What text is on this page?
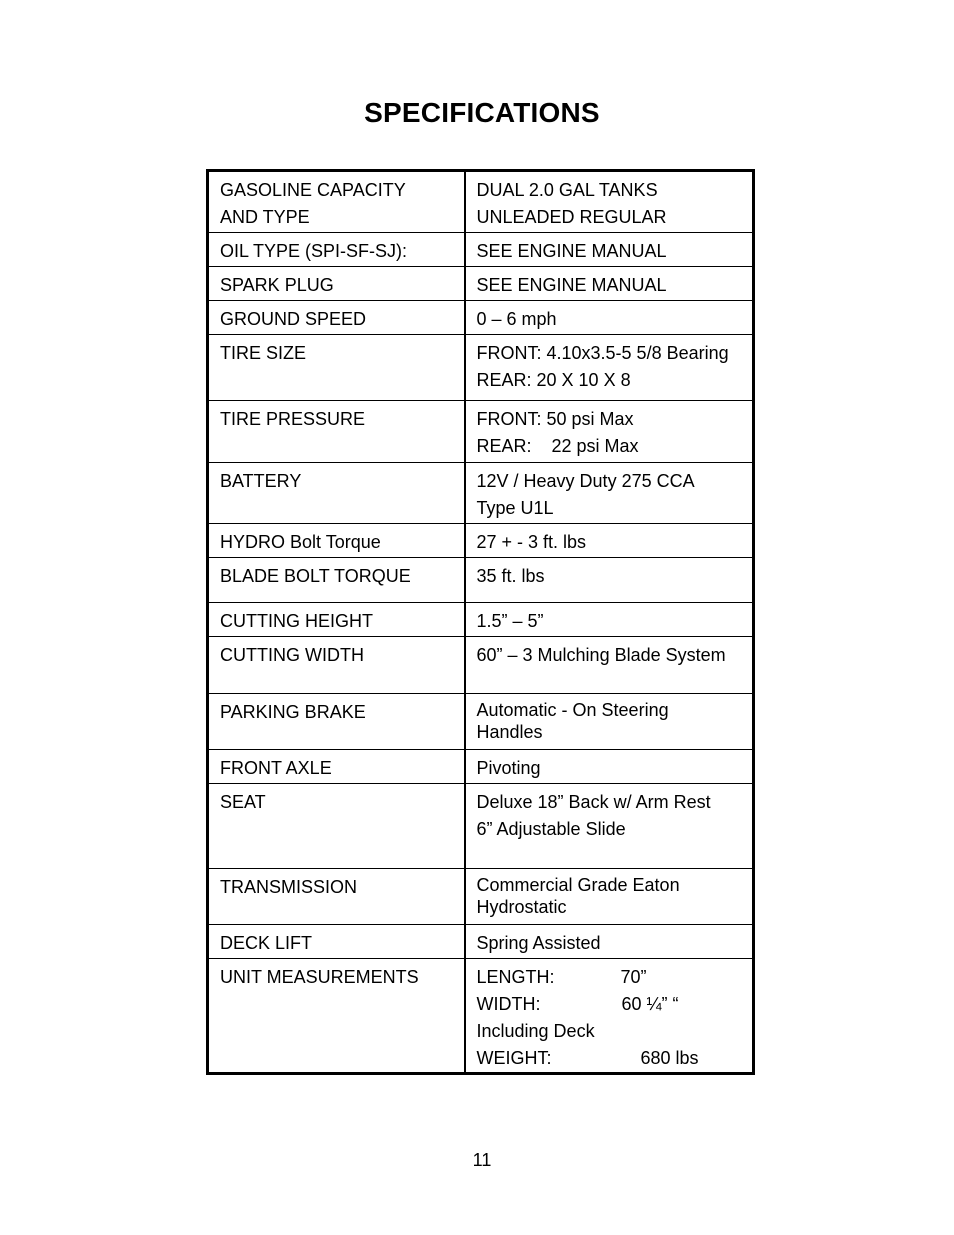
SPECIFICATIONS
GASOLINE CAPACITY
AND TYPE	DUAL 2.0 GAL TANKS
UNLEADED REGULAR

OIL TYPE (SPI-SF-SJ):	SEE ENGINE MANUAL

SPARK PLUG	SEE ENGINE MANUAL

GROUND SPEED	0 – 6 mph

TIRE SIZE	FRONT: 4.10x3.5-5 5/8 Bearing
REAR: 20 X 10 X 8

TIRE PRESSURE	FRONT: 50 psi Max
REAR:    22 psi Max

BATTERY	12V / Heavy Duty 275 CCA
Type U1L

HYDRO Bolt Torque	27 + - 3 ft. lbs

BLADE BOLT TORQUE	35 ft. lbs

CUTTING HEIGHT	1.5” – 5”

CUTTING WIDTH	60” – 3 Mulching Blade System

PARKING BRAKE	Automatic - On Steering
Handles

FRONT AXLE	Pivoting

SEAT	Deluxe 18” Back w/ Arm Rest
6” Adjustable Slide

TRANSMISSION	Commercial Grade Eaton
Hydrostatic

DECK LIFT	Spring Assisted

UNIT MEASUREMENTS	LENGTH: 70”
WIDTH: 60 ¼” “
Including Deck
WEIGHT: 680 lbs
11
